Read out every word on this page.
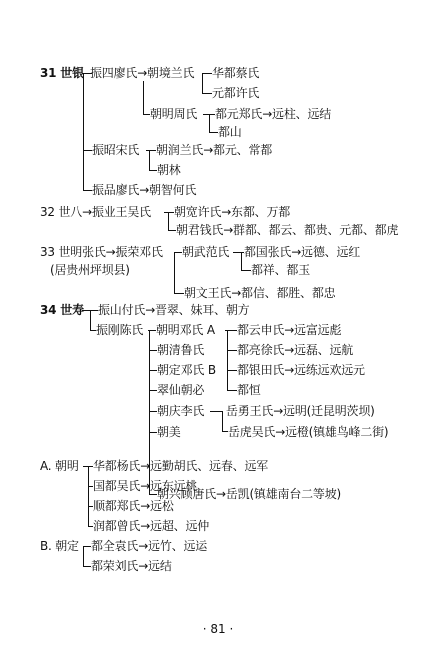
31 世银 振四廖氏→朝境兰氏 华都蔡氏
元都许氏
朝明周氏 都元郑氏→远柱、远结
都山
振昭宋氏 朝润兰氏→都元、常都
朝林
振品廖氏→朝智何氏
32 世八→振业王吴氏 朝宽许氏→东都、万都
朝君钱氏→群都、都云、都贵、元都、都虎
33 世明张氏→振荣邓氏 朝武范氏 都国张氏→远德、远红
都祥、都玉
(居贵州坪坝县)
朝文王氏→都信、都胜、都忠
34 世寿 振山付氏→晋翠、妹耳、朝方
振刚陈氏 朝明邓氏 A
朝清鲁氏
朝定邓氏 B
翠仙朝必
朝庆李氏
朝美
朝兴顾唐氏→岳凯(镇雄南台二等坡)
都云申氏→远富远彪
都亮徐氏→远磊、远航
都银田氏→远练远欢远元
都恒
岳勇王氏→远明(迁昆明茨坝)
岳虎吴氏→远橙(镇雄鸟峰二街)
A. 朝明 华都杨氏→远勤胡氏、远春、远军
国都吴氏→远东远桃
顺都郑氏→远松
润都曾氏→远超、远仲
B. 朝定 都全袁氏→远竹、远运
都荣刘氏→远结
· 81 ·
